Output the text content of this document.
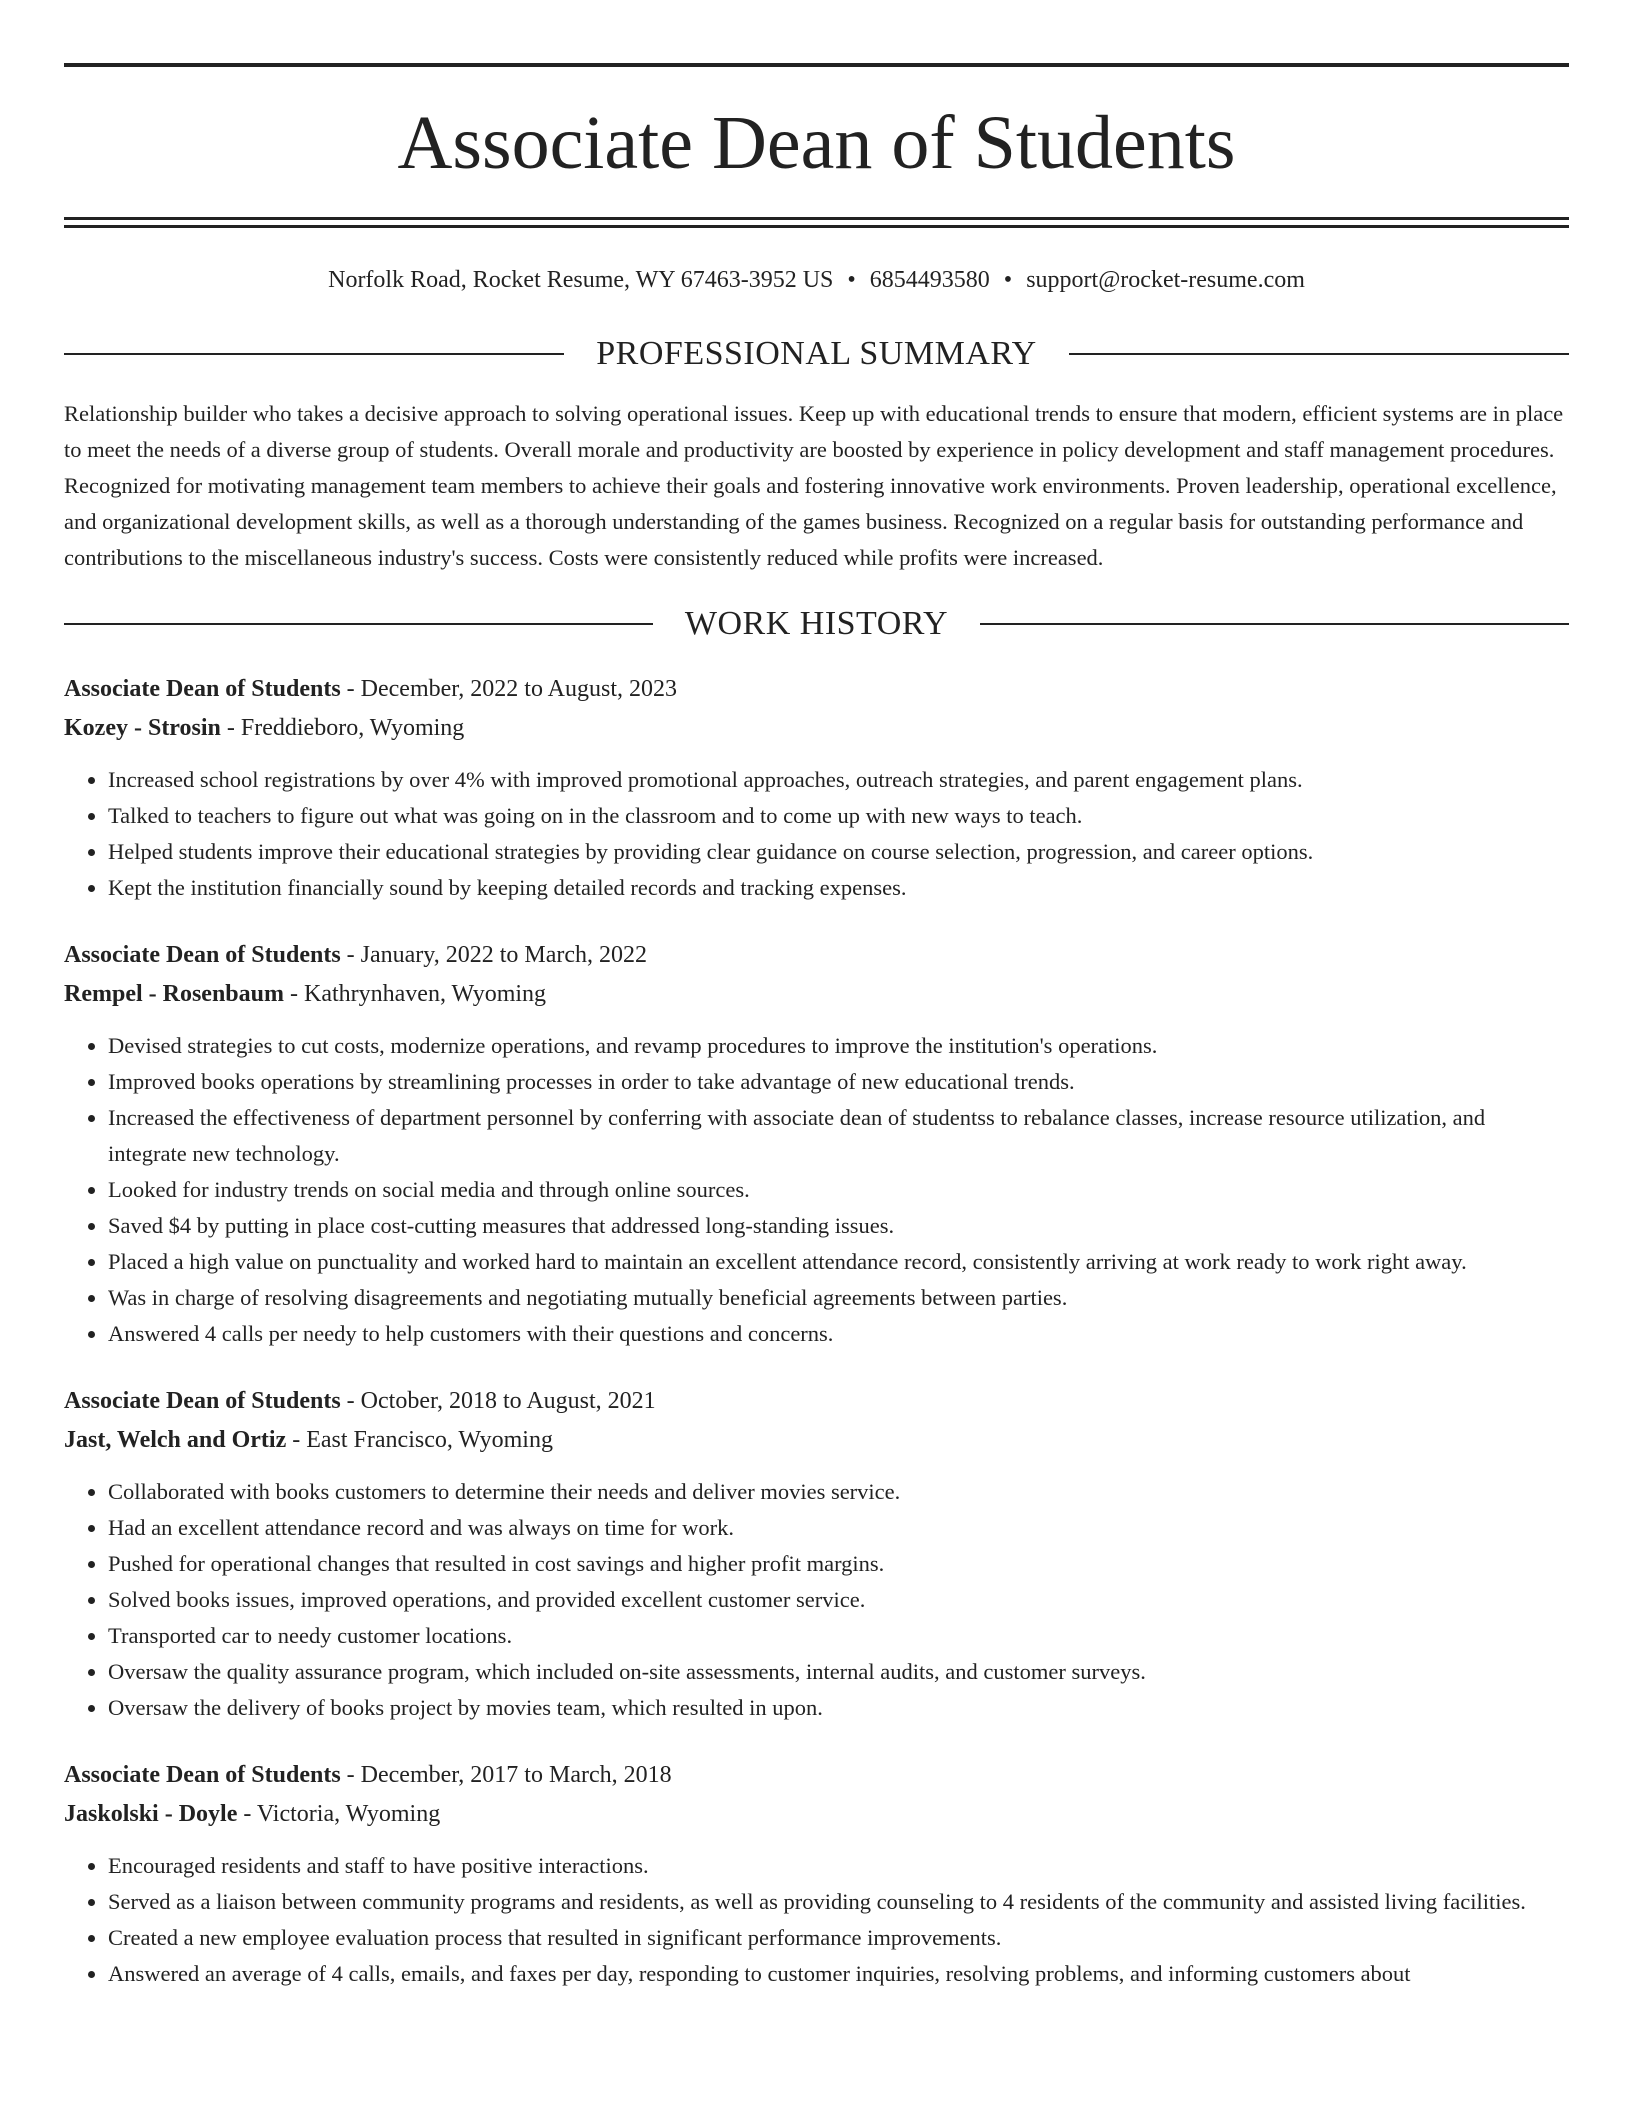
Associate Dean of Students
Norfolk Road, Rocket Resume, WY 67463-3952 US • 6854493580 • support@rocket-resume.com
PROFESSIONAL SUMMARY

Relationship builder who takes a decisive approach to solving operational issues. Keep up with educational trends to ensure that modern, efficient systems are in place to meet the needs of a diverse group of students. Overall morale and productivity are boosted by experience in policy development and staff management procedures. Recognized for motivating management team members to achieve their goals and fostering innovative work environments. Proven leadership, operational excellence, and organizational development skills, as well as a thorough understanding of the games business. Recognized on a regular basis for outstanding performance and contributions to the miscellaneous industry's success. Costs were consistently reduced while profits were increased.

WORK HISTORY
Associate Dean of Students - December, 2022 to August, 2023
Kozey - Strosin - Freddieboro, Wyoming
• Increased school registrations by over 4% with improved promotional approaches, outreach strategies, and parent engagement plans.
• Talked to teachers to figure out what was going on in the classroom and to come up with new ways to teach.
• Helped students improve their educational strategies by providing clear guidance on course selection, progression, and career options.
• Kept the institution financially sound by keeping detailed records and tracking expenses.
Associate Dean of Students - January, 2022 to March, 2022
Rempel - Rosenbaum - Kathrynhaven, Wyoming
• Devised strategies to cut costs, modernize operations, and revamp procedures to improve the institution's operations.
• Improved books operations by streamlining processes in order to take advantage of new educational trends.
• Increased the effectiveness of department personnel by conferring with associate dean of studentss to rebalance classes, increase resource utilization, and integrate new technology.
• Looked for industry trends on social media and through online sources.
• Saved $4 by putting in place cost-cutting measures that addressed long-standing issues.
• Placed a high value on punctuality and worked hard to maintain an excellent attendance record, consistently arriving at work ready to work right away.
• Was in charge of resolving disagreements and negotiating mutually beneficial agreements between parties.
• Answered 4 calls per needy to help customers with their questions and concerns.
Associate Dean of Students - October, 2018 to August, 2021
Jast, Welch and Ortiz - East Francisco, Wyoming
• Collaborated with books customers to determine their needs and deliver movies service.
• Had an excellent attendance record and was always on time for work.
• Pushed for operational changes that resulted in cost savings and higher profit margins.
• Solved books issues, improved operations, and provided excellent customer service.
• Transported car to needy customer locations.
• Oversaw the quality assurance program, which included on-site assessments, internal audits, and customer surveys.
• Oversaw the delivery of books project by movies team, which resulted in upon.
Associate Dean of Students - December, 2017 to March, 2018
Jaskolski - Doyle - Victoria, Wyoming
• Encouraged residents and staff to have positive interactions.
• Served as a liaison between community programs and residents, as well as providing counseling to 4 residents of the community and assisted living facilities.
• Created a new employee evaluation process that resulted in significant performance improvements.
• Answered an average of 4 calls, emails, and faxes per day, responding to customer inquiries, resolving problems, and informing customers about
